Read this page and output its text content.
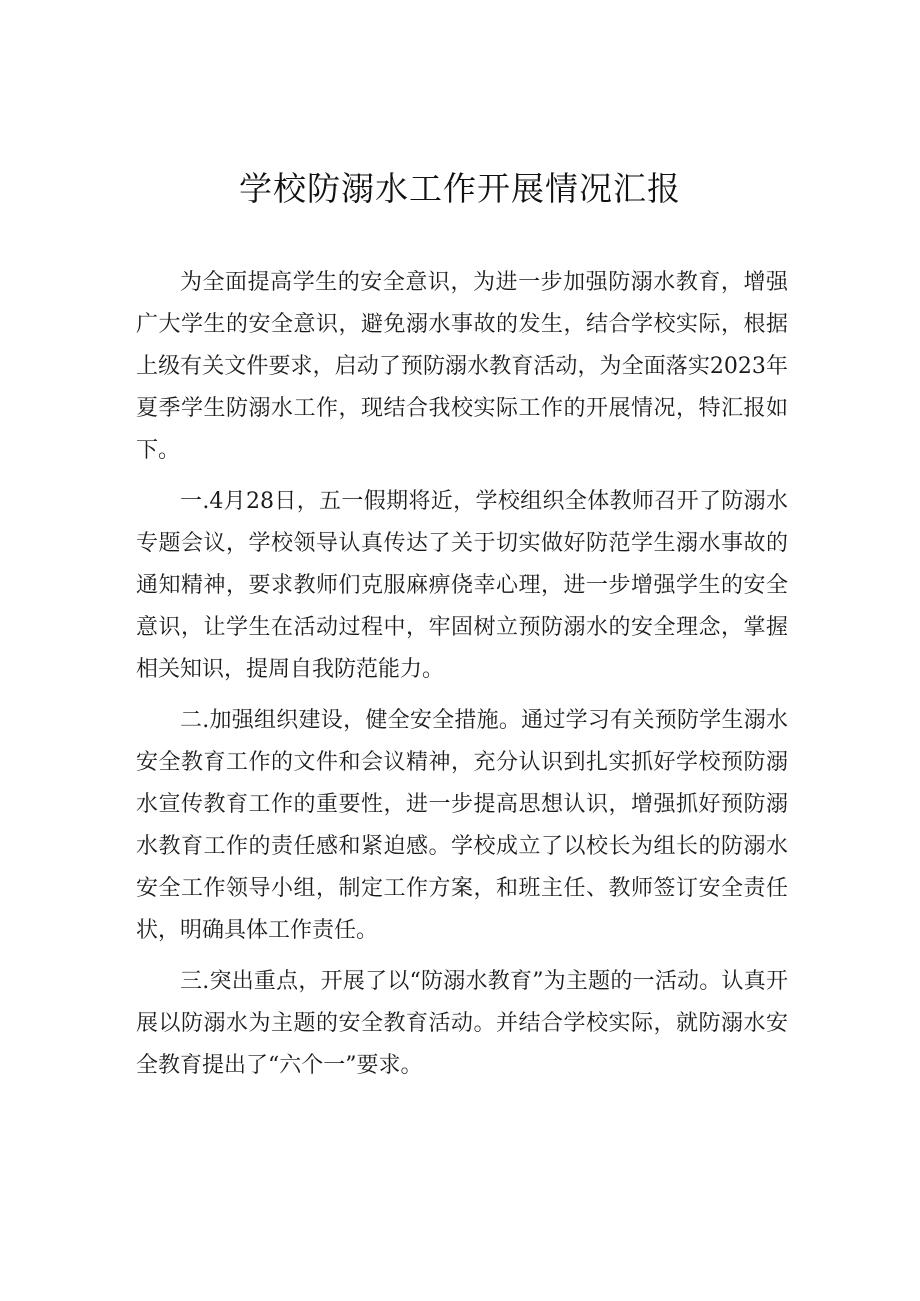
学校防溺水工作开展情况汇报

为全面提高学生的安全意识，为进一步加强防溺水教育，增强广大学生的安全意识，避免溺水事故的发生，结合学校实际，根据上级有关文件要求，启动了预防溺水教育活动，为全面落实2023年夏季学生防溺水工作，现结合我校实际工作的开展情况，特汇报如下。

一.4月28日，五一假期将近，学校组织全体教师召开了防溺水专题会议，学校领导认真传达了关于切实做好防范学生溺水事故的通知精神，要求教师们克服麻痹侥幸心理，进一步增强学生的安全意识，让学生在活动过程中，牢固树立预防溺水的安全理念，掌握相关知识，提周自我防范能力。

二.加强组织建设，健全安全措施。通过学习有关预防学生溺水安全教育工作的文件和会议精神，充分认识到扎实抓好学校预防溺水宣传教育工作的重要性，进一步提高思想认识，增强抓好预防溺水教育工作的责任感和紧迫感。学校成立了以校长为组长的防溺水安全工作领导小组，制定工作方案，和班主任、教师签订安全责任状，明确具体工作责任。

三.突出重点，开展了以“防溺水教育”为主题的一活动。认真开展以防溺水为主题的安全教育活动。并结合学校实际，就防溺水安全教育提出了“六个一”要求。
